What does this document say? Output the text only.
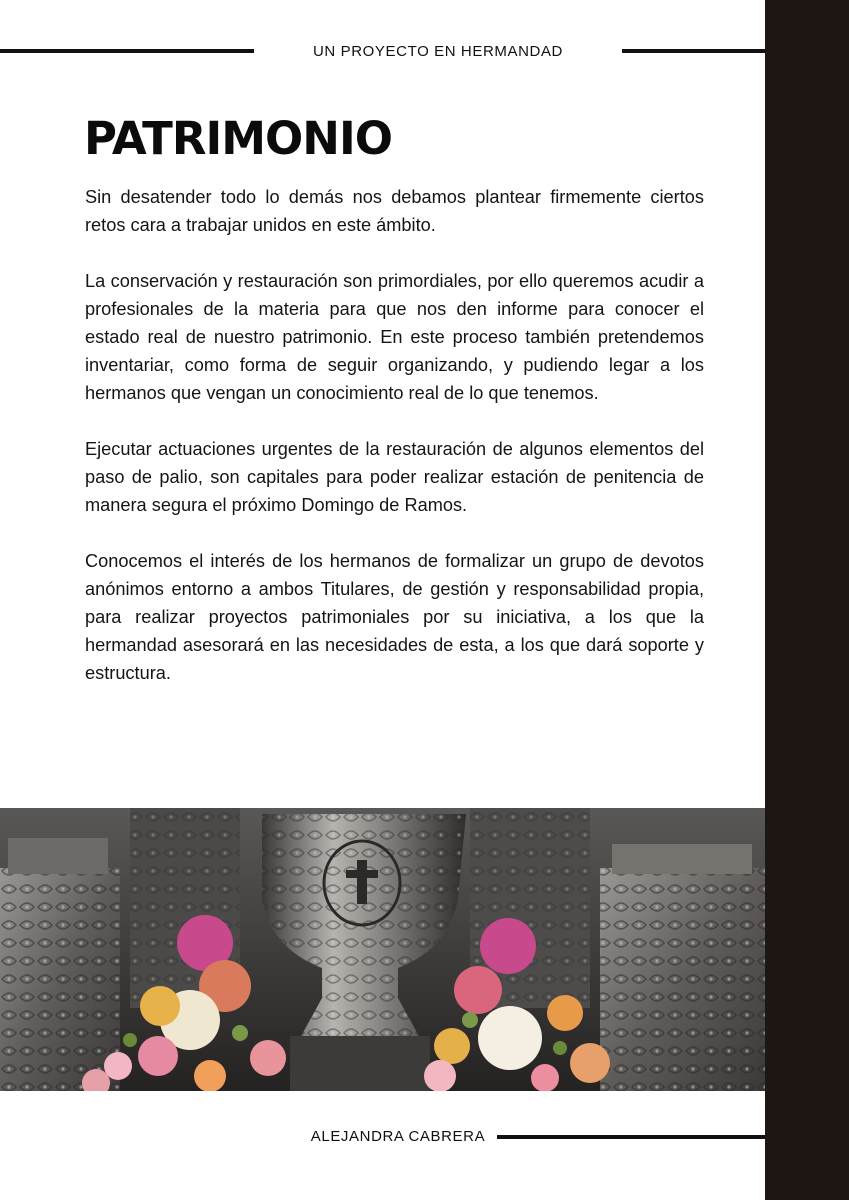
UN PROYECTO EN HERMANDAD
PATRIMONIO

Sin desatender todo lo demás nos debamos plantear firmemente ciertos retos cara a trabajar unidos en este ámbito.

La conservación y restauración son primordiales, por ello queremos acudir a profesionales de la materia para que nos den informe para conocer el estado real de nuestro patrimonio. En este proceso también pretendemos inventariar, como forma de seguir organizando, y pudiendo legar a los hermanos que vengan un conocimiento real de lo que tenemos.

Ejecutar actuaciones urgentes de la restauración de algunos elementos del paso de palio, son capitales para poder realizar estación de penitencia de manera segura el próximo Domingo de Ramos.

Conocemos el interés de los hermanos de formalizar un grupo de devotos anónimos entorno a ambos Titulares, de gestión y responsabilidad propia, para realizar proyectos patrimoniales por su iniciativa, a los que la hermandad asesorará en las necesidades de esta, a los que dará soporte y estructura.

ALEJANDRA CABRERA
